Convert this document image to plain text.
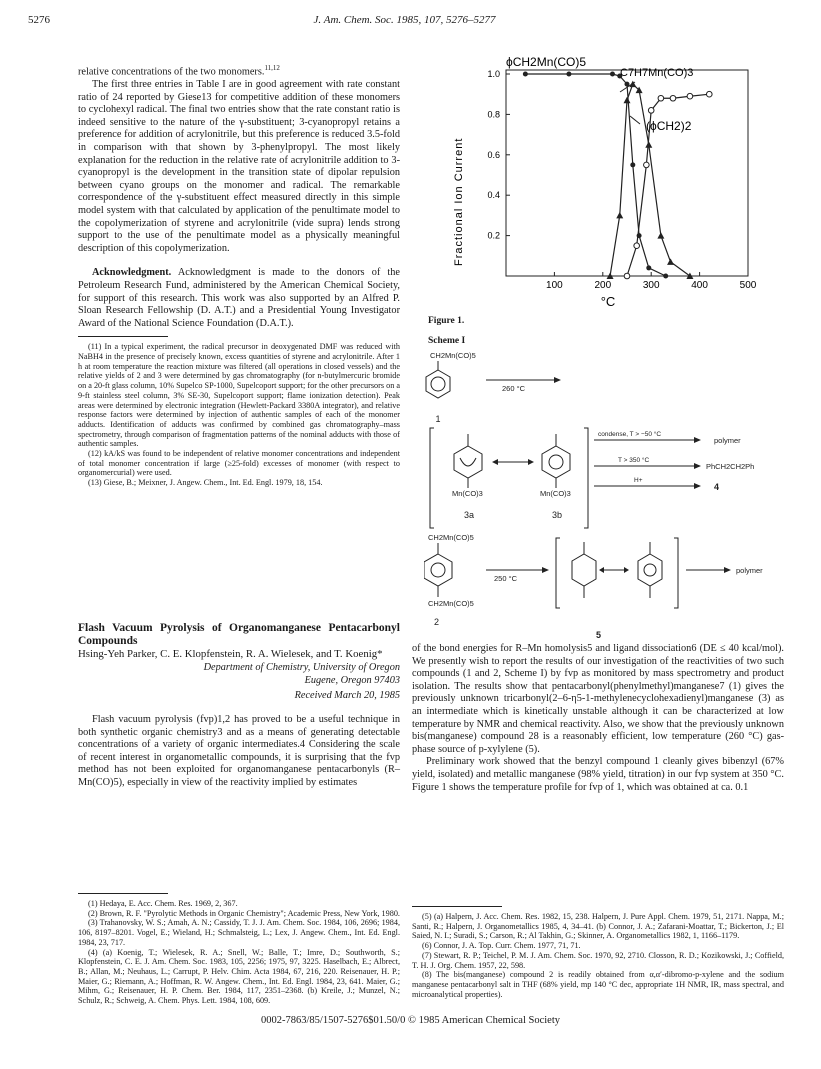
5276	J. Am. Chem. Soc. 1985, 107, 5276–5277

relative concentrations of the two monomers.$^{11,12}$

The first three entries in Table I are in good agreement with rate constant ratio of 24 reported by Giese13 for competitive addition of these monomers to cyclohexyl radical. The final two entries show that the rate constant ratio is indeed sensitive to the nature of the γ-substituent; 3-cyanopropyl retains a preference for addition of acrylonitrile, but this preference is reduced 3.5-fold in comparison with that shown by 3-phenylpropyl. The most likely explanation for the reduction in the relative rate of acrylonitrile addition to 3-cyanopropyl is the development in the transition state of dipolar repulsion between cyano groups on the monomer and radical. The remarkable correspondence of the γ-substituent effect measured directly in this simple model system with that calculated by application of the penultimate model to the copolymerization of styrene and acrylonitrile (vide supra) lends strong support to the use of the penultimate model as a physically meaningful description of this copolymerization.

Acknowledgment. Acknowledgment is made to the donors of the Petroleum Research Fund, administered by the American Chemical Society, for support of this research. This work was also supported by an Alfred P. Sloan Research Fellowship (D. A.T.) and a Presidential Young Investigator Award of the National Science Foundation (D.A.T.).

(11) In a typical experiment, the radical precursor in deoxygenated DMF was reduced with NaBH4 in the presence of precisely known, excess quantities of styrene and acrylonitrile. After 1 h at room temperature the reaction mixture was filtered (all operations in closed vessels) and the relative yields of 2 and 3 were determined by gas chromatography (for n-butylmercuric bromide on a 20-ft glass column, 10% Supelco SP-1000, Supelcoport support; for the other precursors on a 9-ft stainless steel column, 3% SE-30, Supelcoport support; flame ionization detection). Peak areas were determined by electronic integration (Hewlett-Packard 3380A integrator), and relative response factors were determined by injection of authentic samples of each of the monomer adducts. Identification of adducts was confirmed by combined gas chromatography–mass spectrometry, through comparison of fragmentation patterns of the nominal adducts with those of authentic samples.

(12) kA/kS was found to be independent of relative monomer concentrations and independent of total monomer concentration if large (≥25-fold) excesses of monomer (with respect to organomercurial) were used.

(13) Giese, B.; Meixner, J. Angew. Chem., Int. Ed. Engl. 1979, 18, 154.

Flash Vacuum Pyrolysis of Organomanganese Pentacarbonyl Compounds

Hsing-Yeh Parker, C. E. Klopfenstein, R. A. Wielesek, and T. Koenig*

Department of Chemistry, University of Oregon

Eugene, Oregon 97403

Received March 20, 1985

Flash vacuum pyrolysis (fvp)1,2 has proved to be a useful technique in both synthetic organic chemistry3 and as a means of generating detectable concentrations of a variety of organic intermediates.4 Considering the scale of recent interest in organometallic compounds, it is surprising that the fvp method has not been exploited for organomanganese pentacarbonyls (R–Mn(CO)5), especially in view of the reactivity implied by estimates

(1) Hedaya, E. Acc. Chem. Res. 1969, 2, 367.

(2) Brown, R. F. "Pyrolytic Methods in Organic Chemistry"; Academic Press, New York, 1980.

(3) Trahanovsky, W. S.; Amah, A. N.; Cassidy, T. J. J. Am. Chem. Soc. 1984, 106, 2696; 1984, 106, 8197–8201. Vogel, E.; Wieland, H.; Schmalsteig, L.; Lex, J. Angew. Chem., Int. Ed. Engl. 1984, 23, 717.

(4) (a) Koenig, T.; Wielesek, R. A.; Snell, W.; Balle, T.; Imre, D.; Southworth, S.; Klopfenstein, C. E. J. Am. Chem. Soc. 1983, 105, 2256; 1975, 97, 3225. Haselbach, E.; Albrect, B.; Allan, M.; Neuhaus, L.; Carrupt, P. Helv. Chim. Acta 1984, 67, 216, 220. Reisenauer, H. P.; Maier, G.; Riemann, A.; Hoffman, R. W. Angew. Chem., Int. Ed. Engl. 1984, 23, 641. Maier, G.; Mihm, G.; Reisenauer, H. P. Chem. Ber. 1984, 117, 2351–2368. (b) Kreile, J.; Munzel, N.; Schulz, R.; Schweig, A. Chem. Phys. Lett. 1984, 108, 609.

100	200	300	400	500
0.2
0.4
0.6
0.8
1.0
ϕCH2Mn(CO)5
C7H7Mn(CO)3
(ϕCH2)2
Fractional Ion Current
°C
Figure 1.
Scheme I
CH2Mn(CO)5
1
260 °C
Mn(CO)3
3a
Mn(CO)3
3b
condense, T > −50 °C
polymer
T > 350 °C
PhCH2CH2Ph
H+
4
CH2Mn(CO)5
CH2Mn(CO)5
2
250 °C
polymer
5

of the bond energies for R–Mn homolysis5 and ligand dissociation6 (DE ≤ 40 kcal/mol). We presently wish to report the results of our investigation of the reactivities of two such compounds (1 and 2, Scheme I) by fvp as monitored by mass spectrometry and product isolation. The results show that pentacarbonyl(phenylmethyl)manganese7 (1) gives the previously unknown tricarbonyl(2–6-η5-1-methylenecyclohexadienyl)manganese (3) as an intermediate which is kinetically unstable although it can be characterized at low temperature by NMR and chemical reactivity. Also, we show that the previously unknown bis(manganese) compound 28 is a reasonably efficient, low temperature (260 °C) gas-phase source of p-xylylene (5).

Preliminary work showed that the benzyl compound 1 cleanly gives bibenzyl (67% yield, isolated) and metallic manganese (98% yield, titration) in our fvp system at 350 °C. Figure 1 shows the temperature profile for fvp of 1, which was obtained at ca. 0.1

(5) (a) Halpern, J. Acc. Chem. Res. 1982, 15, 238. Halpern, J. Pure Appl. Chem. 1979, 51, 2171. Nappa, M.; Santi, R.; Halpern, J. Organometallics 1985, 4, 34–41. (b) Connor, J. A.; Zafarani-Moattar, T.; Bickerton, J.; El Saied, N. I.; Suradi, S.; Carson, R.; Al Takhin, G.; Skinner, A. Organometallics 1982, 1, 1166–1179.

(6) Connor, J. A. Top. Curr. Chem. 1977, 71, 71.

(7) Stewart, R. P.; Teichel, P. M. J. Am. Chem. Soc. 1970, 92, 2710. Closson, R. D.; Kozikowski, J.; Coffield, T. H. J. Org. Chem. 1957, 22, 598.

(8) The bis(manganese) compound 2 is readily obtained from α,α′-dibromo-p-xylene and the sodium manganese pentacarbonyl salt in THF (68% yield, mp 140 °C dec, appropriate 1H NMR, IR, mass spectral, and microanalytical properties).

0002-7863/85/1507-5276$01.50/0 © 1985 American Chemical Society
